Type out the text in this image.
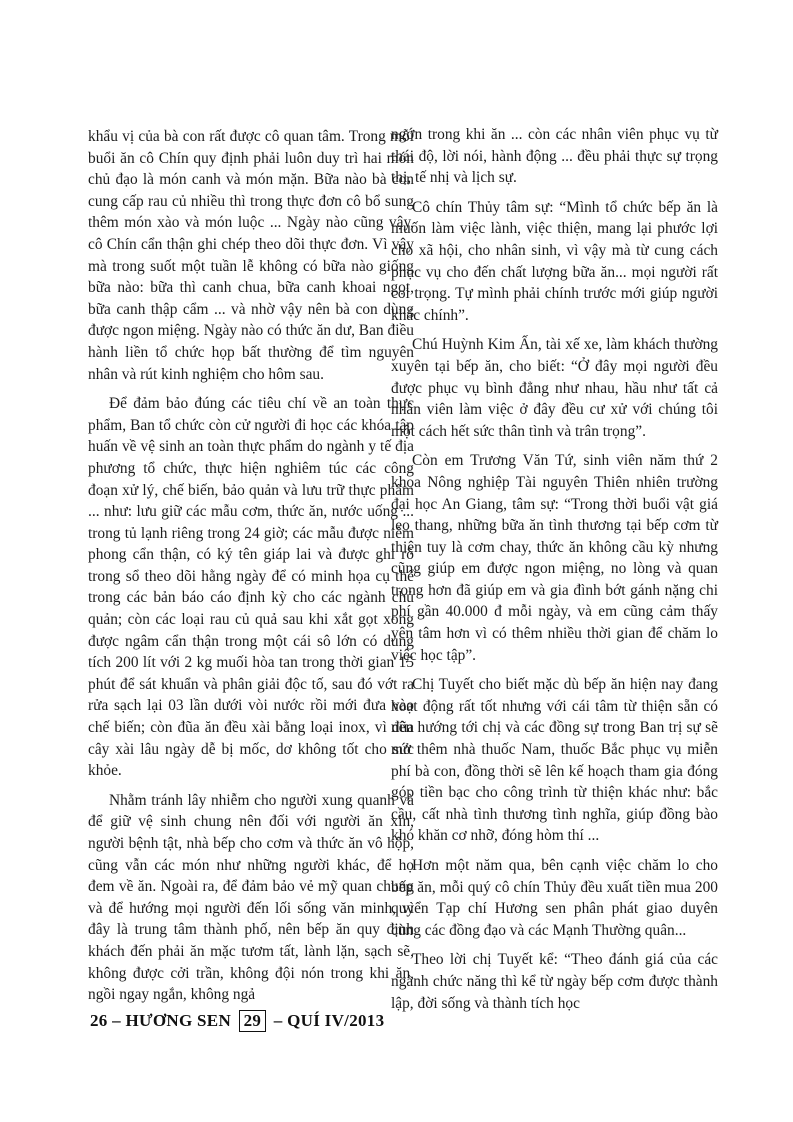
khẩu vị của bà con rất được cô quan tâm. Trong mỗi buổi ăn cô Chín quy định phải luôn duy trì hai món chủ đạo là món canh và món mặn. Bữa nào bà con cung cấp rau củ nhiều thì trong thực đơn cô bổ sung thêm món xào và món luộc ... Ngày nào cũng vậy, cô Chín cẩn thận ghi chép theo dõi thực đơn. Vì vậy mà trong suốt một tuần lễ không có bữa nào giống bữa nào: bữa thì canh chua, bữa canh khoai ngọt, bữa canh thập cẩm ... và nhờ vậy nên bà con dùng được ngon miệng. Ngày nào có thức ăn dư, Ban điều hành liền tổ chức họp bất thường để tìm nguyên nhân và rút kinh nghiệm cho hôm sau.

Để đảm bảo đúng các tiêu chí về an toàn thực phẩm, Ban tổ chức còn cử người đi học các khóa tập huấn về vệ sinh an toàn thực phẩm do ngành y tế địa phương tổ chức, thực hiện nghiêm túc các công đoạn xử lý, chế biến, bảo quản và lưu trữ thực phẩm ... như: lưu giữ các mẫu cơm, thức ăn, nước uống ... trong tủ lạnh riêng trong 24 giờ; các mẫu được niêm phong cẩn thận, có ký tên giáp lai và được ghi rõ trong sổ theo dõi hằng ngày để có minh họa cụ thể trong các bản báo cáo định kỳ cho các ngành chủ quản; còn các loại rau củ quả sau khi xắt gọt xong được ngâm cẩn thận trong một cái sô lớn có dung tích 200 lít với 2 kg muối hòa tan trong thời gian 15 phút để sát khuẩn và phân giải độc tố, sau đó vớt ra rửa sạch lại 03 lần dưới vòi nước rồi mới đưa vào chế biến; còn đũa ăn đều xài bằng loại inox, vì đũa cây xài lâu ngày dễ bị mốc, dơ không tốt cho sức khỏe.

Nhằm tránh lây nhiễm cho người xung quanh và để giữ vệ sinh chung nên đối với người ăn xin, người bệnh tật, nhà bếp cho cơm và thức ăn vô hộp, cũng vẫn các món như những người khác, để họ đem về ăn. Ngoài ra, để đảm bảo vẻ mỹ quan chung và để hướng mọi người đến lối sống văn minh, vì đây là trung tâm thành phố, nên bếp ăn quy định khách đến phải ăn mặc tươm tất, lành lặn, sạch sẽ, không được cởi trần, không đội nón trong khi ăn, ngồi ngay ngắn, không ngả

ngớn trong khi ăn ... còn các nhân viên phục vụ từ thái độ, lời nói, hành động ... đều phải thực sự trọng thị, tế nhị và lịch sự.

Cô chín Thủy tâm sự: “Mình tổ chức bếp ăn là muốn làm việc lành, việc thiện, mang lại phước lợi cho xã hội, cho nhân sinh, vì vậy mà từ cung cách phục vụ cho đến chất lượng bữa ăn... mọi người rất coi trọng. Tự mình phải chính trước mới giúp người khác chính”.

Chú Huỳnh Kim Ấn, tài xế xe, làm khách thường xuyên tại bếp ăn, cho biết: “Ở đây mọi người đều được phục vụ bình đẳng như nhau, hầu như tất cả nhân viên làm việc ở đây đều cư xử với chúng tôi một cách hết sức thân tình và trân trọng”.

Còn em Trương Văn Tứ, sinh viên năm thứ 2 khoa Nông nghiệp Tài nguyên Thiên nhiên trường đại học An Giang, tâm sự: “Trong thời buổi vật giá leo thang, những bữa ăn tình thương tại bếp cơm từ thiện tuy là cơm chay, thức ăn không cầu kỳ nhưng cũng giúp em được ngon miệng, no lòng và quan trọng hơn đã giúp em và gia đình bớt gánh nặng chi phí gần 40.000 đ mỗi ngày, và em cũng cảm thấy yên tâm hơn vì có thêm nhiều thời gian để chăm lo việc học tập”.

Chị Tuyết cho biết mặc dù bếp ăn hiện nay đang hoạt động rất tốt nhưng với cái tâm từ thiện sẵn có nên hướng tới chị và các đồng sự trong Ban trị sự sẽ mở thêm nhà thuốc Nam, thuốc Bắc phục vụ miễn phí bà con, đồng thời sẽ lên kế hoạch tham gia đóng góp tiền bạc cho công trình từ thiện khác như: bắc cầu, cất nhà tình thương tình nghĩa, giúp đồng bào khó khăn cơ nhỡ, đóng hòm thí ...

Hơn một năm qua, bên cạnh việc chăm lo cho bếp ăn, mỗi quý cô chín Thủy đều xuất tiền mua 200 quyển Tạp chí Hương sen phân phát giao duyên cùng các đồng đạo và các Mạnh Thường quân...

Theo lời chị Tuyết kể: “Theo đánh giá của các ngành chức năng thì kể từ ngày bếp cơm được thành lập, đời sống và thành tích học

26 – HƯƠNG SEN 29 – QUÍ IV/2013
